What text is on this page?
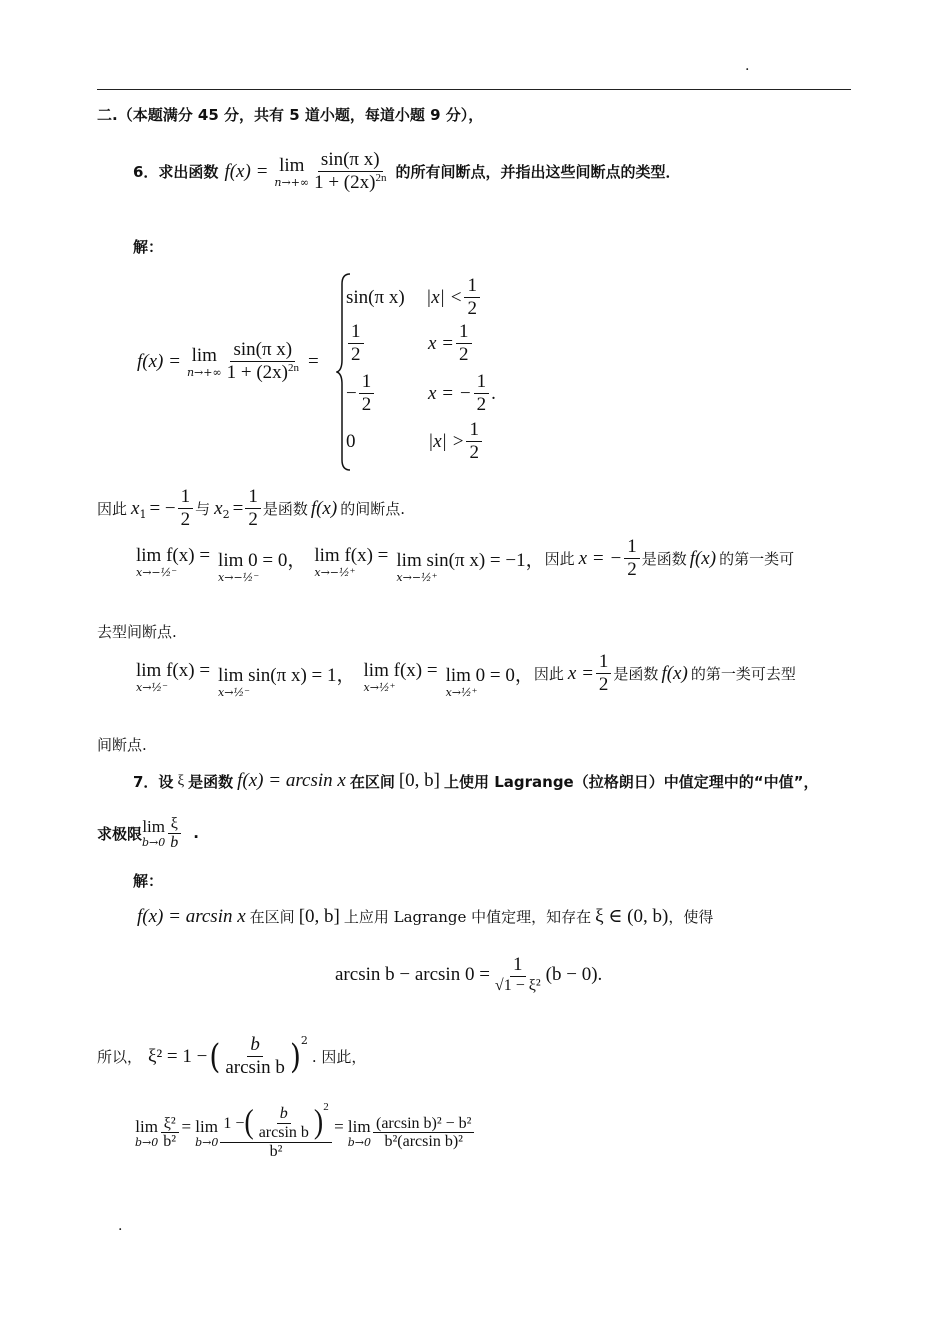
.
二.（本题满分 45 分，共有 5 道小题，每道小题 9 分），
6．求出函数 f(x) = lim
$n\to+\infty \frac{\text{sin(π x)}}{1 + (2x)^{2n}}$ 的所有间断点，并指出这些间断点的类型．
解：
f(x) = lim
$n\to+\infty \frac{\text{sin(π x)}}{1 + (2x)^{2n}}$ =
sin(π x)	$|x| < \frac{1}{2}$
$\frac{1}{2}$	$x = \frac{1}{2}$
− $\frac{1}{2}$	x = − $\frac{1}{2}$ .
0	$|x| > \frac{1}{2}$
因此 x 1 = − $\frac{1}{2}$ 与 x $2 = \frac{1}{2}$ 是函数 f(x) 的间断点.
lim f(x) =
x→−½⁻
lim 0 = 0，
x→−½⁻
lim f(x) =
x→−½⁺
lim sin(π x) = −1，
x→−½⁺
因此 x = − $\frac{1}{2}$ 是函数 f(x) 的第一类可
去型间断点.
lim f(x) =
x→½⁻
lim sin(π x) = 1，
x→½⁻
lim f(x) =
x→½⁺
lim 0 = 0，
x→½⁺
因此 $x = \frac{1}{2}$ 是函数 f(x) 的第一类可去型
间断点.
7．设 ξ 是函数 f(x) = arcsin x 在区间 [0, b] 上使用 Lagrange（拉格朗日）中值定理中的“中值”，
求极限 lim
$b\to 0 \frac{\xi}{b}$ .
解：
f(x) = arcsin x 在区间 [0, b] 上应用 Lagrange 中值定理，知存在 ξ ∈ (0, b) ，使得
$\arcsin b - \arcsin 0 = \frac{1}{\text{√1 − ξ²}} (b - 0)$.
所以， ξ² = 1 − ( $\frac{b}{\text{arcsin b}}$ ) 2
. 因此，
lim
$b\to 0 \frac{\text{ξ²}}{\text{b²}} = \lim$
$b\to 0 \frac{1 - ( \frac{b}{\text{arcsin b}} ) 2}{\text{b²}} = \lim$
$b\to 0 \frac{\text{(arcsin b)² − b²}}{\text{b²(arcsin b)²}}$
.
